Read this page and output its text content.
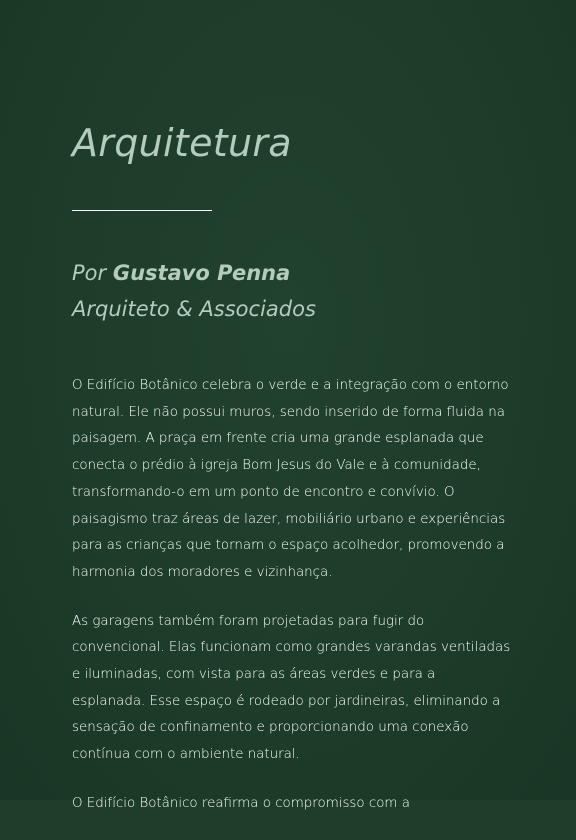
Arquitetura
Por Gustavo Penna
Arquiteto & Associados

O Edifício Botânico celebra o verde e a integração com o entorno natural. Ele não possui muros, sendo inserido de forma fluida na paisagem. A praça em frente cria uma grande esplanada que conecta o prédio à igreja Bom Jesus do Vale e à comunidade, transformando-o em um ponto de encontro e convívio. O paisagismo traz áreas de lazer, mobiliário urbano e experiências para as crianças que tornam o espaço acolhedor, promovendo a harmonia dos moradores e vizinhança.

As garagens também foram projetadas para fugir do convencional. Elas funcionam como grandes varandas ventiladas e iluminadas, com vista para as áreas verdes e para a esplanada. Esse espaço é rodeado por jardineiras, eliminando a sensação de confinamento e proporcionando uma conexão contínua com o ambiente natural.

O Edifício Botânico reafirma o compromisso com a
